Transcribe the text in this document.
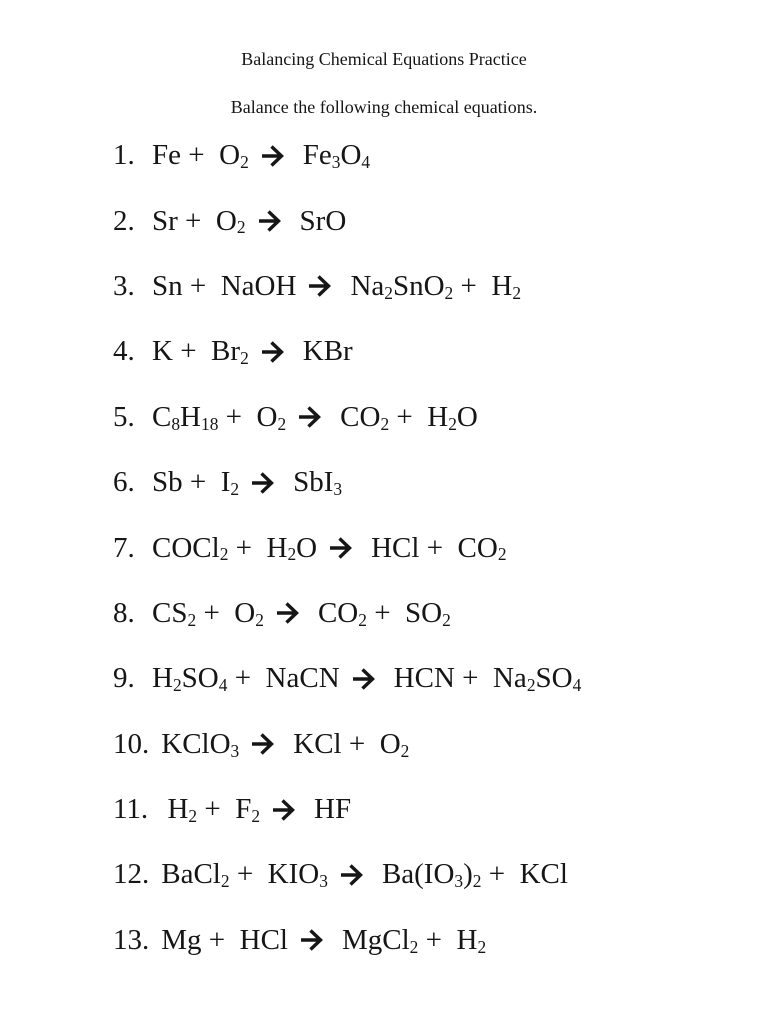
Balancing Chemical Equations Practice
Balance the following chemical equations.
1. $Fe + O_2$ $Fe_3O_4$
2. $Sr + O_2$ SrO
3. Sn +  NaOH $Na_2SnO_2 + H_2$
4. $K + Br_2$ KBr
5. $C_8H_{18} + O_2$ $CO_2 + H_2O$
6. $Sb + I_2$ SbI$_3$
7. COCl$_2$ +  $H_2O$ HCl +  $CO_2$
8. $CS_2 + O_2$ $CO_2 + SO_2$
9. $H_2SO_4$ +  NaCN HCN +  $Na_2SO_4$
10. KClO$_3$ KCl +  $O_2$
11. $H_2 + F_2$ HF
12. BaCl$_2$ +  $KIO_3$ $Ba(IO_3)_2$ +  KCl
13. Mg +  HCl MgCl$_2$ +  $H_2$
